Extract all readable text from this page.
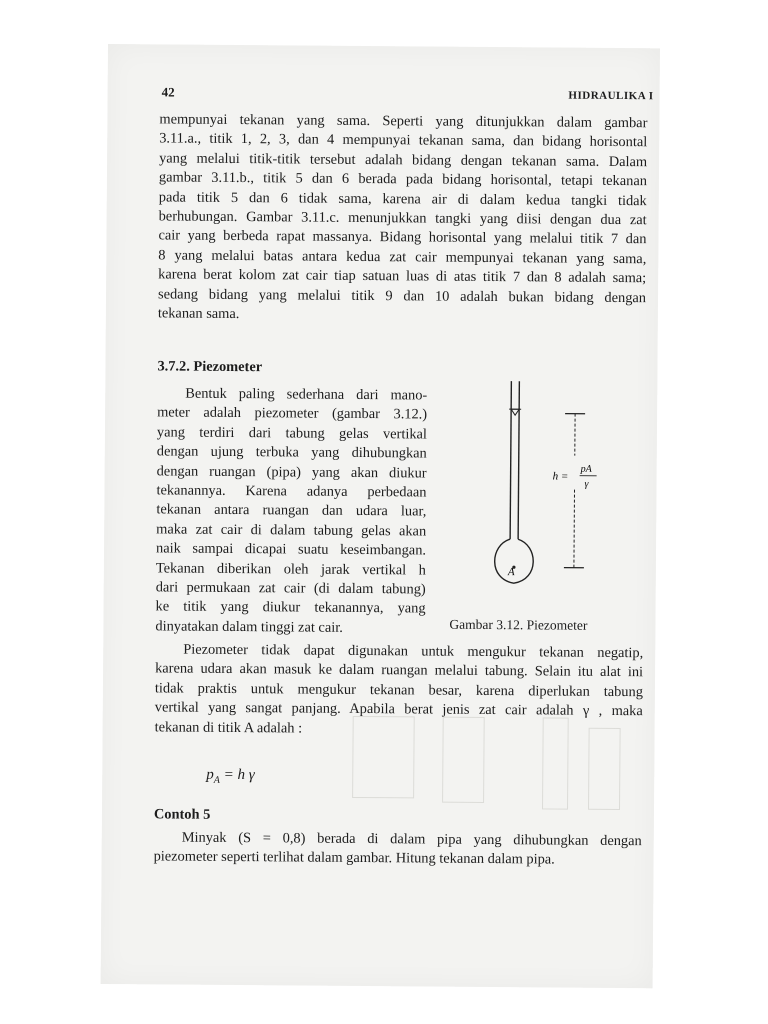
42	HIDRAULIKA I
mempunyai tekanan yang sama. Seperti yang ditunjukkan dalam gambar
3.11.a., titik 1, 2, 3, dan 4 mempunyai tekanan sama, dan bidang horisontal
yang melalui titik-titik tersebut adalah bidang dengan tekanan sama. Dalam
gambar 3.11.b., titik 5 dan 6 berada pada bidang horisontal, tetapi tekanan
pada titik 5 dan 6 tidak sama, karena air di dalam kedua tangki tidak
berhubungan. Gambar 3.11.c. menunjukkan tangki yang diisi dengan dua zat
cair yang berbeda rapat massanya. Bidang horisontal yang melalui titik 7 dan
8 yang melalui batas antara kedua zat cair mempunyai tekanan yang sama,
karena berat kolom zat cair tiap satuan luas di atas titik 7 dan 8 adalah sama;
sedang bidang yang melalui titik 9 dan 10 adalah bukan bidang dengan
tekanan sama.
3.7.2. Piezometer
Bentuk paling sederhana dari mano-
meter adalah piezometer (gambar 3.12.)
yang terdiri dari tabung gelas vertikal
dengan ujung terbuka yang dihubungkan
dengan ruangan (pipa) yang akan diukur
tekanannya. Karena adanya perbedaan
tekanan antara ruangan dan udara luar,
maka zat cair di dalam tabung gelas akan
naik sampai dicapai suatu keseimbangan.
Tekanan diberikan oleh jarak vertikal h
dari permukaan zat cair (di dalam tabung)
ke titik yang diukur tekanannya, yang
dinyatakan dalam tinggi zat cair.
A
h =
pA
γ
Gambar 3.12. Piezometer
Piezometer tidak dapat digunakan untuk mengukur tekanan negatip,
karena udara akan masuk ke dalam ruangan melalui tabung. Selain itu alat ini
tidak praktis untuk mengukur tekanan besar, karena diperlukan tabung
vertikal yang sangat panjang. Apabila berat jenis zat cair adalah γ , maka
tekanan di titik A adalah :
$p_A = h$ γ
Contoh 5
Minyak (S = 0,8) berada di dalam pipa yang dihubungkan dengan
piezometer seperti terlihat dalam gambar. Hitung tekanan dalam pipa.
